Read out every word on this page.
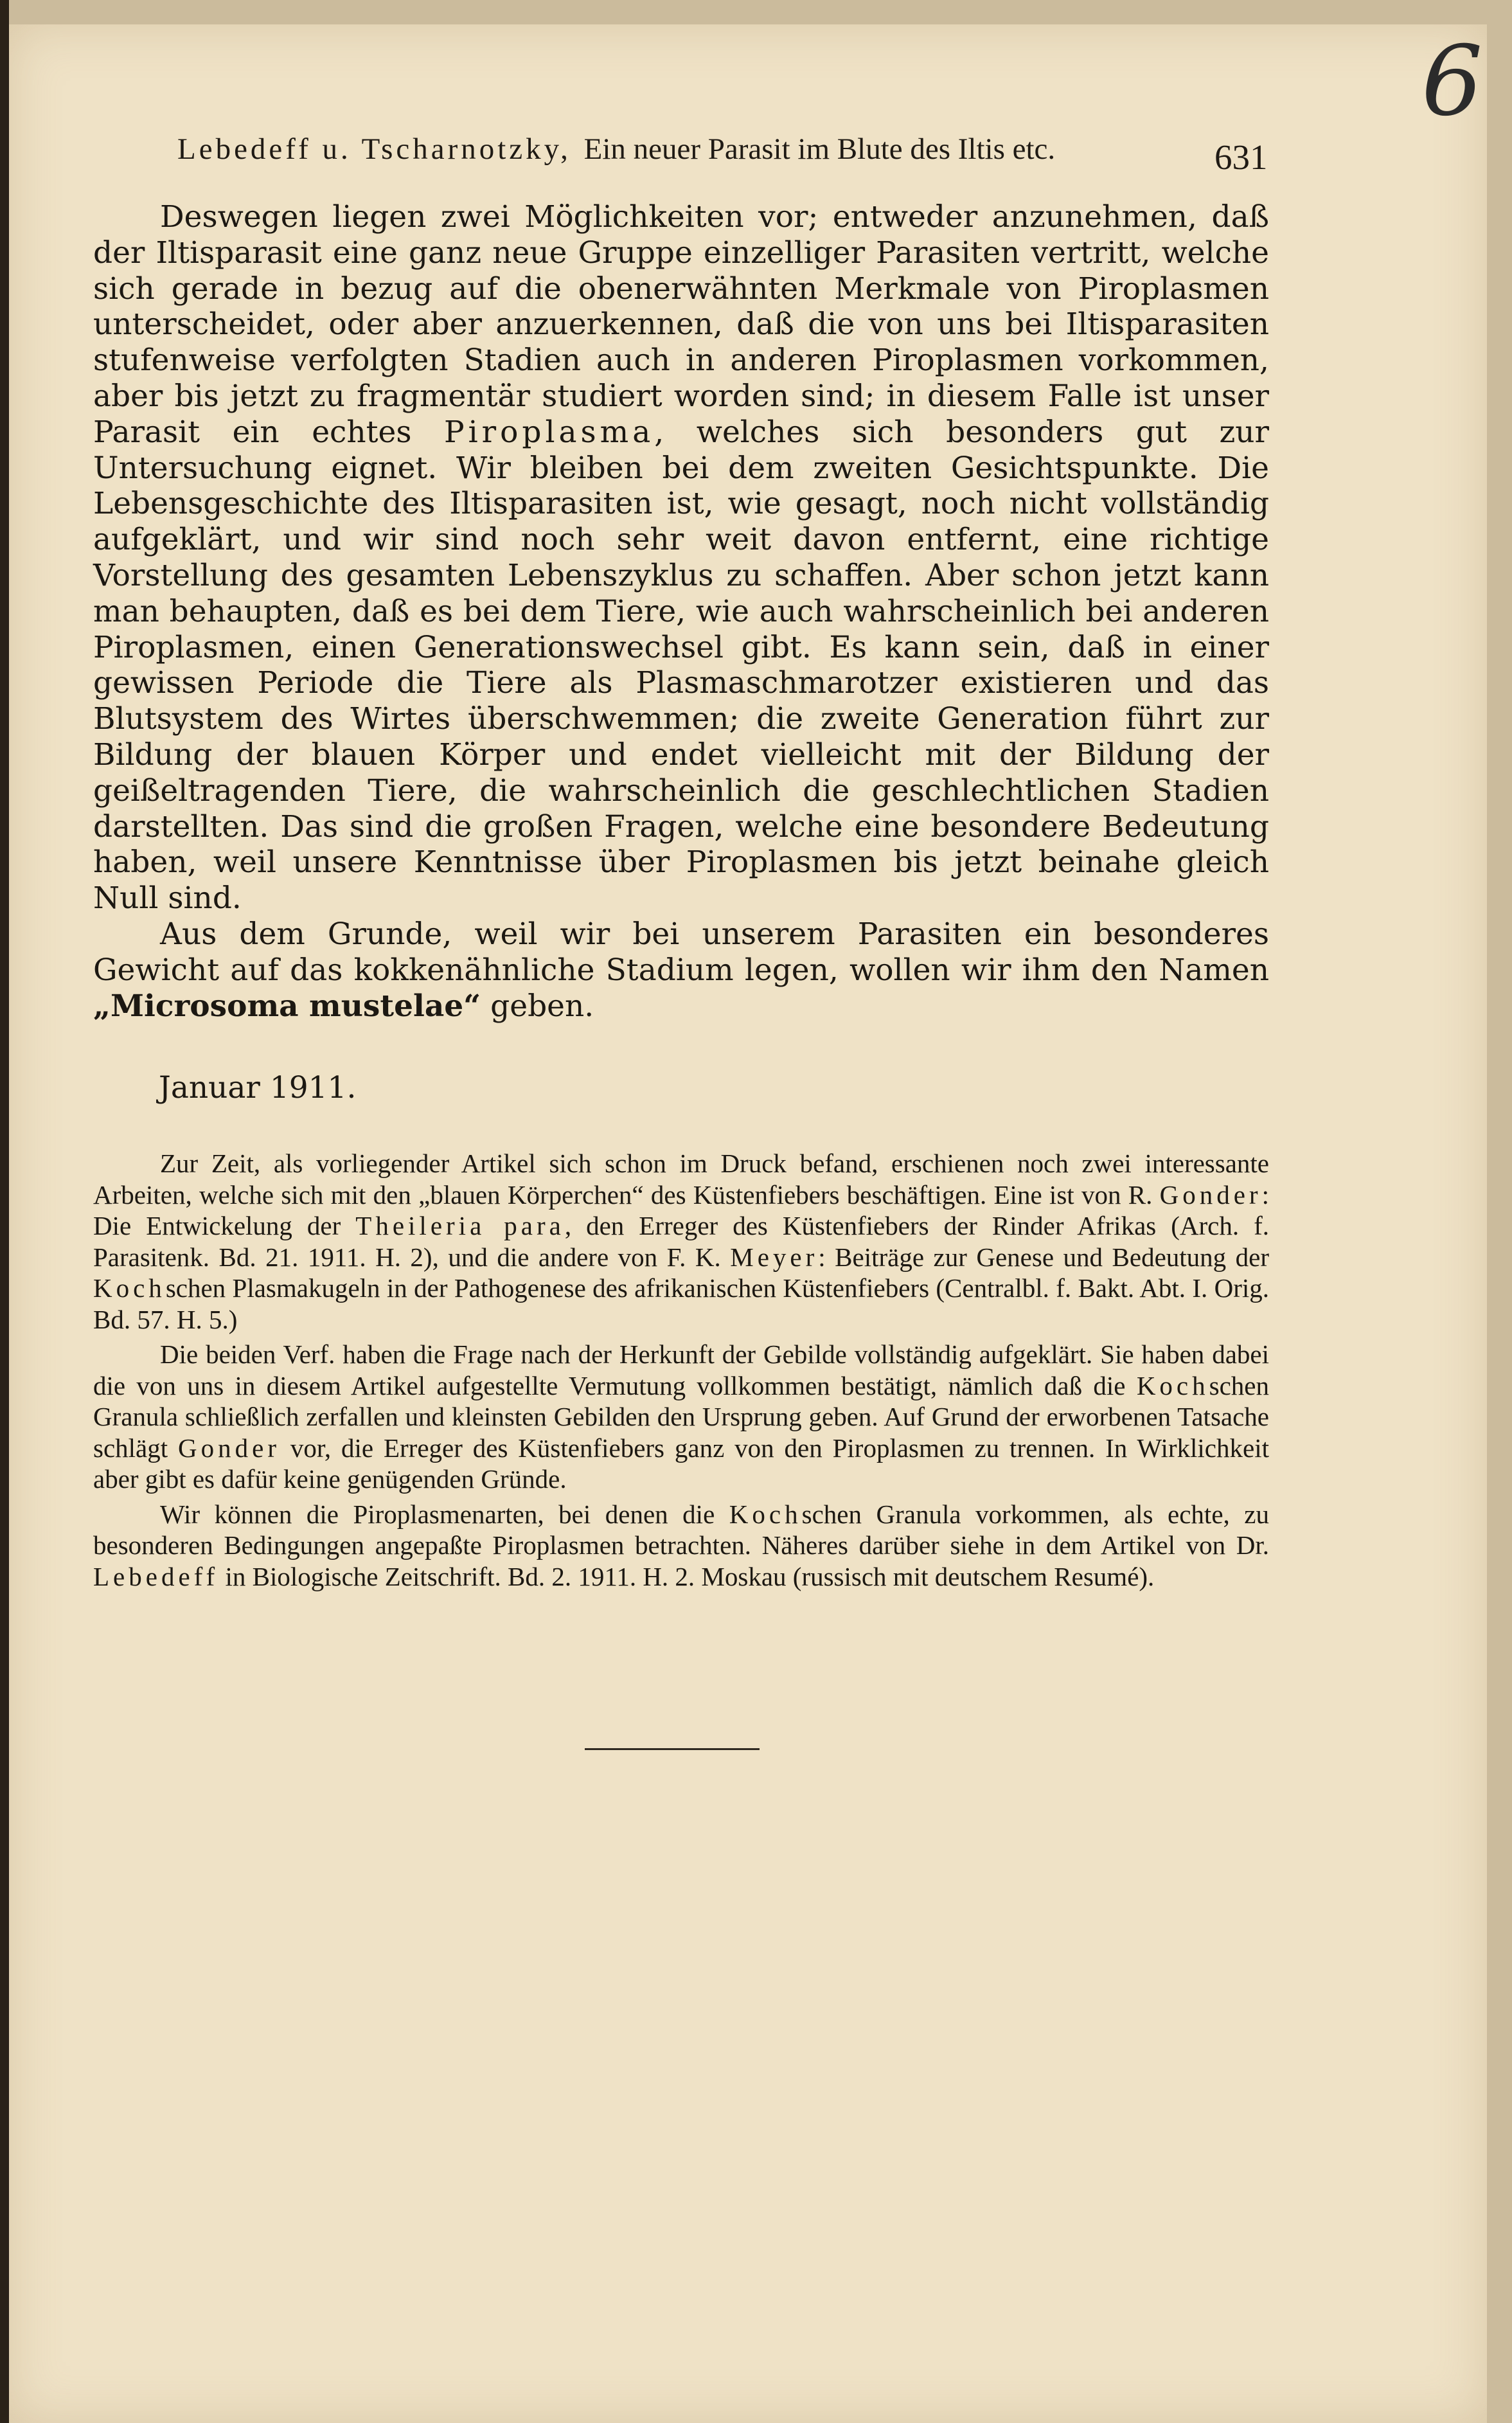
6
Lebedeff u. Tscharnotzky, Ein neuer Parasit im Blute des Iltis etc.	631

Deswegen liegen zwei Möglichkeiten vor; entweder anzunehmen, daß der Iltisparasit eine ganz neue Gruppe einzelliger Parasiten vertritt, welche sich gerade in bezug auf die obenerwähnten Merkmale von Piroplasmen unterscheidet, oder aber anzuerkennen, daß die von uns bei Iltisparasiten stufenweise verfolgten Stadien auch in anderen Piroplasmen vorkommen, aber bis jetzt zu fragmentär studiert worden sind; in diesem Falle ist unser Parasit ein echtes Piroplasma, welches sich besonders gut zur Untersuchung eignet. Wir bleiben bei dem zweiten Gesichtspunkte. Die Lebensgeschichte des Iltisparasiten ist, wie gesagt, noch nicht vollständig aufgeklärt, und wir sind noch sehr weit davon entfernt, eine richtige Vorstellung des gesamten Lebenszyklus zu schaffen. Aber schon jetzt kann man behaupten, daß es bei dem Tiere, wie auch wahrscheinlich bei anderen Piroplasmen, einen Generationswechsel gibt. Es kann sein, daß in einer gewissen Periode die Tiere als Plasmaschmarotzer existieren und das Blutsystem des Wirtes überschwemmen; die zweite Generation führt zur Bildung der blauen Körper und endet vielleicht mit der Bildung der geißeltragenden Tiere, die wahrscheinlich die geschlechtlichen Stadien darstellten. Das sind die großen Fragen, welche eine besondere Bedeutung haben, weil unsere Kenntnisse über Piroplasmen bis jetzt beinahe gleich Null sind.

Aus dem Grunde, weil wir bei unserem Parasiten ein besonderes Gewicht auf das kokkenähnliche Stadium legen, wollen wir ihm den Namen „Microsoma mustelae“ geben.

Januar 1911.

Zur Zeit, als vorliegender Artikel sich schon im Druck befand, erschienen noch zwei interessante Arbeiten, welche sich mit den „blauen Körperchen“ des Küstenfiebers beschäftigen. Eine ist von R. Gonder: Die Entwickelung der Theileria para, den Erreger des Küstenfiebers der Rinder Afrikas (Arch. f. Parasitenk. Bd. 21. 1911. H. 2), und die andere von F. K. Meyer: Beiträge zur Genese und Bedeutung der Kochschen Plasmakugeln in der Pathogenese des afrikanischen Küstenfiebers (Centralbl. f. Bakt. Abt. I. Orig. Bd. 57. H. 5.)

Die beiden Verf. haben die Frage nach der Herkunft der Gebilde vollständig aufgeklärt. Sie haben dabei die von uns in diesem Artikel aufgestellte Vermutung vollkommen bestätigt, nämlich daß die Kochschen Granula schließlich zerfallen und kleinsten Gebilden den Ursprung geben. Auf Grund der erworbenen Tatsache schlägt Gonder vor, die Erreger des Küstenfiebers ganz von den Piroplasmen zu trennen. In Wirklichkeit aber gibt es dafür keine genügenden Gründe.

Wir können die Piroplasmenarten, bei denen die Kochschen Granula vorkommen, als echte, zu besonderen Bedingungen angepaßte Piroplasmen betrachten. Näheres darüber siehe in dem Artikel von Dr. Lebedeff in Biologische Zeitschrift. Bd. 2. 1911. H. 2. Moskau (russisch mit deutschem Resumé).
